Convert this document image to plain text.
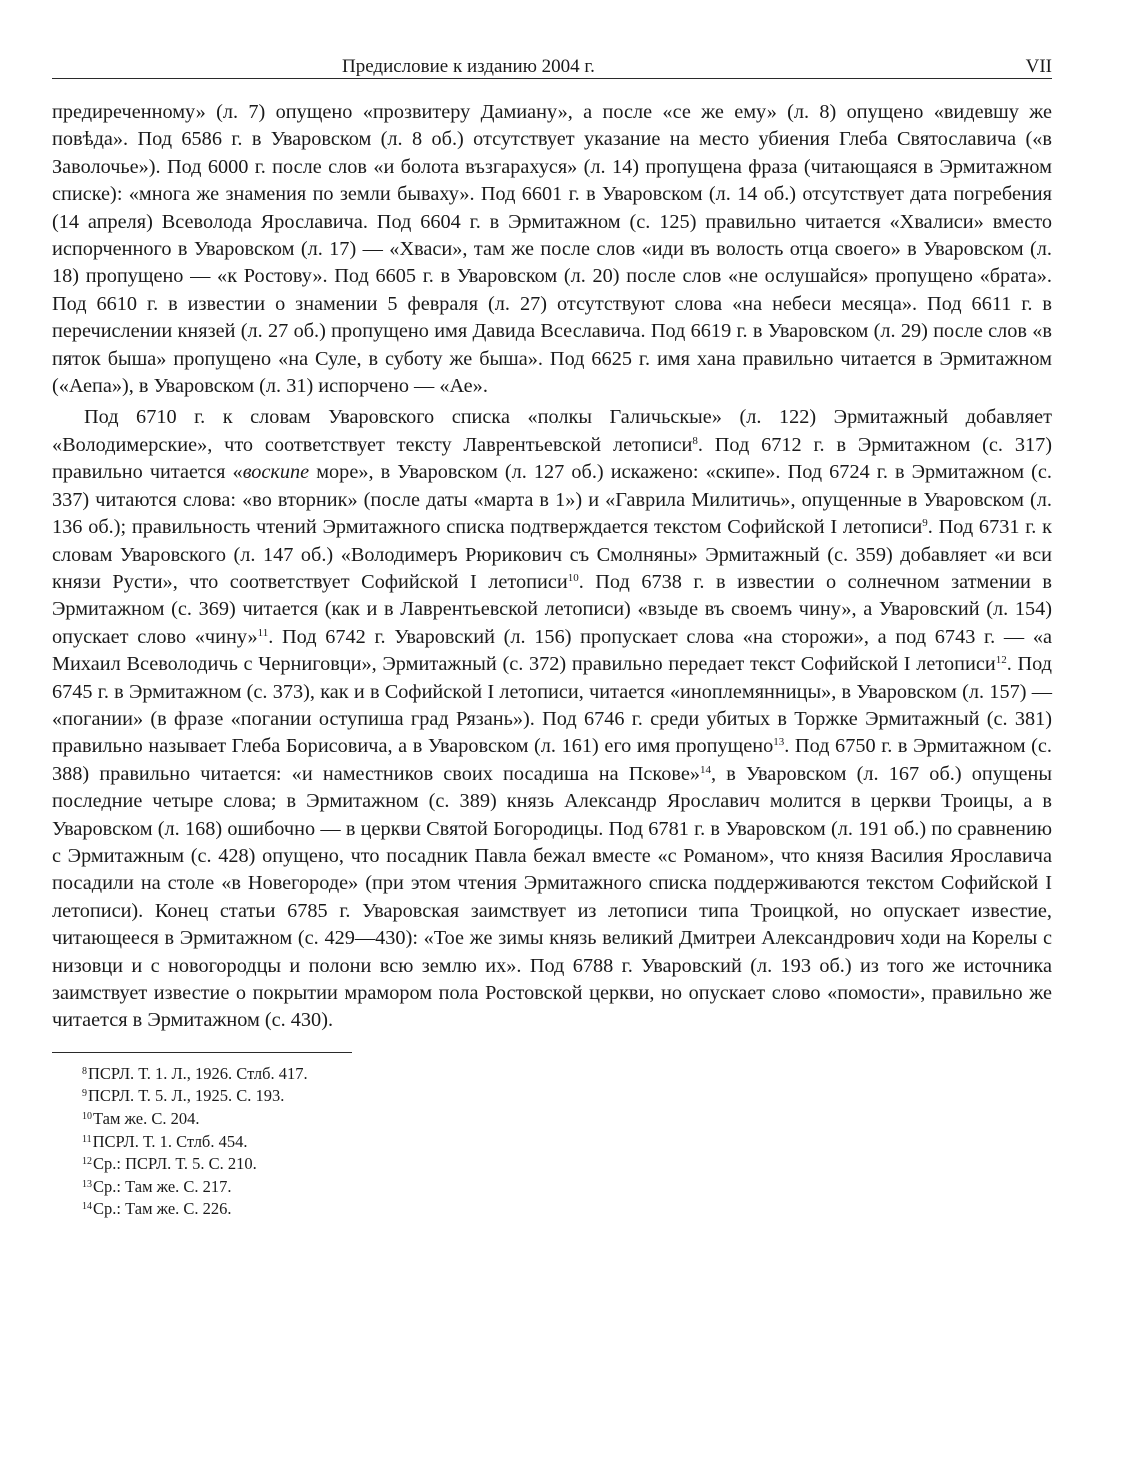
Предисловие к изданию 2004 г.	VII

предиреченному» (л. 7) опущено «прозвитеру Дамиану», а после «се же ему» (л. 8) опущено «видевшу же повѣда». Под 6586 г. в Уваровском (л. 8 об.) отсутствует указание на место убиения Глеба Святославича («в Заволочье»). Под 6000 г. после слов «и болота възгарахуся» (л. 14) пропущена фраза (читающаяся в Эрмитажном списке): «многа же знамения по земли бываху». Под 6601 г. в Уваровском (л. 14 об.) отсутствует дата погребения (14 апреля) Всеволода Ярославича. Под 6604 г. в Эрмитажном (с. 125) правильно читается «Хвалиси» вместо испорченного в Уваровском (л. 17) — «Хваси», там же после слов «иди въ волость отца своего» в Уваровском (л. 18) пропущено — «к Ростову». Под 6605 г. в Уваровском (л. 20) после слов «не ослушайся» пропущено «брата». Под 6610 г. в известии о знамении 5 февраля (л. 27) отсутствуют слова «на небеси месяца». Под 6611 г. в перечислении князей (л. 27 об.) пропущено имя Давида Всеславича. Под 6619 г. в Уваровском (л. 29) после слов «в пяток быша» пропущено «на Суле, в суботу же быша». Под 6625 г. имя хана правильно читается в Эрмитажном («Аепа»), в Уваровском (л. 31) испорчено — «Ае».

Под 6710 г. к словам Уваровского списка «полкы Галичьскые» (л. 122) Эрмитажный добавляет «Володимерские», что соответствует тексту Лаврентьевской летописи$^8$. Под 6712 г. в Эрмитажном (с. 317) правильно читается «воскипе море», в Уваровском (л. 127 об.) искажено: «скипе». Под 6724 г. в Эрмитажном (с. 337) читаются слова: «во вторник» (после даты «марта в 1») и «Гаврила Милитичь», опущенные в Уваровском (л. 136 об.); правильность чтений Эрмитажного списка подтверждается текстом Софийской I летописи$^9$. Под 6731 г. к словам Уваровского (л. 147 об.) «Володимеръ Рюрикович съ Смолняны» Эрмитажный (с. 359) добавляет «и вси князи Русти», что соответствует Софийской I летописи$^{10}$. Под 6738 г. в известии о солнечном затмении в Эрмитажном (с. 369) читается (как и в Лаврентьевской летописи) «взыде въ своемъ чину», а Уваровский (л. 154) опускает слово «чину»$^{11}$. Под 6742 г. Уваровский (л. 156) пропускает слова «на сторожи», а под 6743 г. — «а Михаил Всеволодичь с Черниговци», Эрмитажный (с. 372) правильно передает текст Софийской I летописи$^{12}$. Под 6745 г. в Эрмитажном (с. 373), как и в Софийской I летописи, читается «иноплемянницы», в Уваровском (л. 157) — «погании» (в фразе «погании оступиша град Рязань»). Под 6746 г. среди убитых в Торжке Эрмитажный (с. 381) правильно называет Глеба Борисовича, а в Уваровском (л. 161) его имя пропущено$^{13}$. Под 6750 г. в Эрмитажном (с. 388) правильно читается: «и наместников своих посадиша на Пскове»$^{14}$, в Уваровском (л. 167 об.) опущены последние четыре слова; в Эрмитажном (с. 389) князь Александр Ярославич молится в церкви Троицы, а в Уваровском (л. 168) ошибочно — в церкви Святой Богородицы. Под 6781 г. в Уваровском (л. 191 об.) по сравнению с Эрмитажным (с. 428) опущено, что посадник Павла бежал вместе «с Романом», что князя Василия Ярославича посадили на столе «в Новегороде» (при этом чтения Эрмитажного списка поддерживаются текстом Софийской I летописи). Конец статьи 6785 г. Уваровская заимствует из летописи типа Троицкой, но опускает известие, читающееся в Эрмитажном (с. 429—430): «Тое же зимы князь великий Дмитреи Александрович ходи на Корелы с низовци и с новогородцы и полони всю землю их». Под 6788 г. Уваровский (л. 193 об.) из того же источника заимствует известие о покрытии мрамором пола Ростовской церкви, но опускает слово «помости», правильно же читается в Эрмитажном (с. 430).

$^8$ПСРЛ. Т. 1. Л., 1926. Стлб. 417.
$^9$ПСРЛ. Т. 5. Л., 1925. С. 193.
$^{10}$Там же. С. 204.
$^{11}$ПСРЛ. Т. 1. Стлб. 454.
$^{12}$Ср.: ПСРЛ. Т. 5. С. 210.
$^{13}$Ср.: Там же. С. 217.
$^{14}$Ср.: Там же. С. 226.
